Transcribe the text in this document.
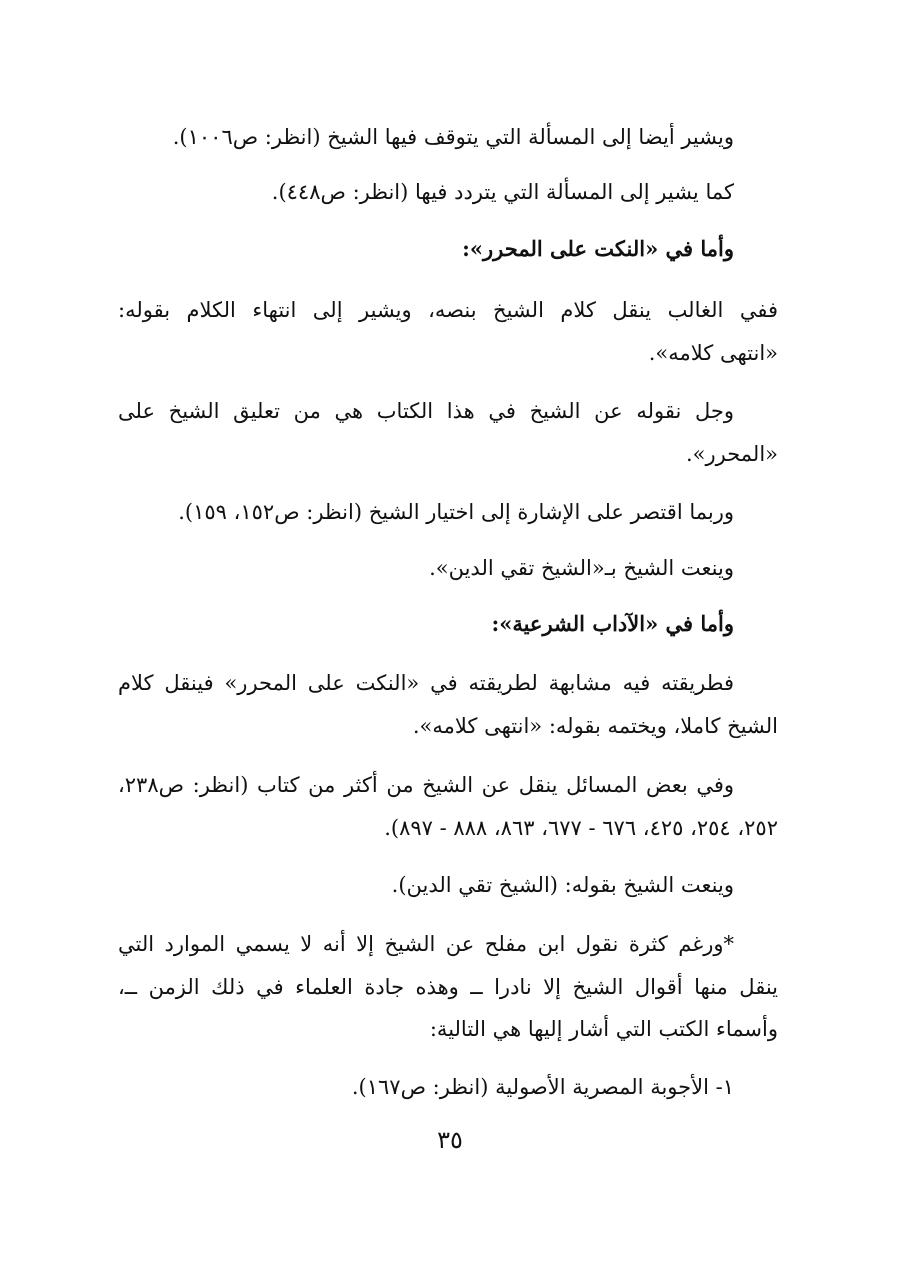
ويشير أيضا إلى المسألة التي يتوقف فيها الشيخ (انظر: ص١٠٠٦).
كما يشير إلى المسألة التي يتردد فيها (انظر: ص٤٤٨).
وأما في «النكت على المحرر»:
ففي الغالب ينقل كلام الشيخ بنصه، ويشير إلى انتهاء الكلام بقوله:
«انتهى كلامه».
وجل نقوله عن الشيخ في هذا الكتاب هي من تعليق الشيخ على
«المحرر».
وربما اقتصر على الإشارة إلى اختيار الشيخ (انظر: ص١٥٢، ١٥٩).
وينعت الشيخ بـ«الشيخ تقي الدين».
وأما في «الآداب الشرعية»:
فطريقته فيه مشابهة لطريقته في «النكت على المحرر» فينقل كلام
الشيخ كاملا، ويختمه بقوله: «انتهى كلامه».
وفي بعض المسائل ينقل عن الشيخ من أكثر من كتاب (انظر: ص٢٣٨،
٢٥٢، ٢٥٤، ٤٢٥، ٦٧٦ - ٦٧٧، ٨٦٣، ٨٨٨ - ٨٩٧).
وينعت الشيخ بقوله: (الشيخ تقي الدين).
*ورغم كثرة نقول ابن مفلح عن الشيخ إلا أنه لا يسمي الموارد التي
ينقل منها أقوال الشيخ إلا نادرا ــ وهذه جادة العلماء في ذلك الزمن ــ،
وأسماء الكتب التي أشار إليها هي التالية:
١- الأجوبة المصرية الأصولية (انظر: ص١٦٧).
٣٥
